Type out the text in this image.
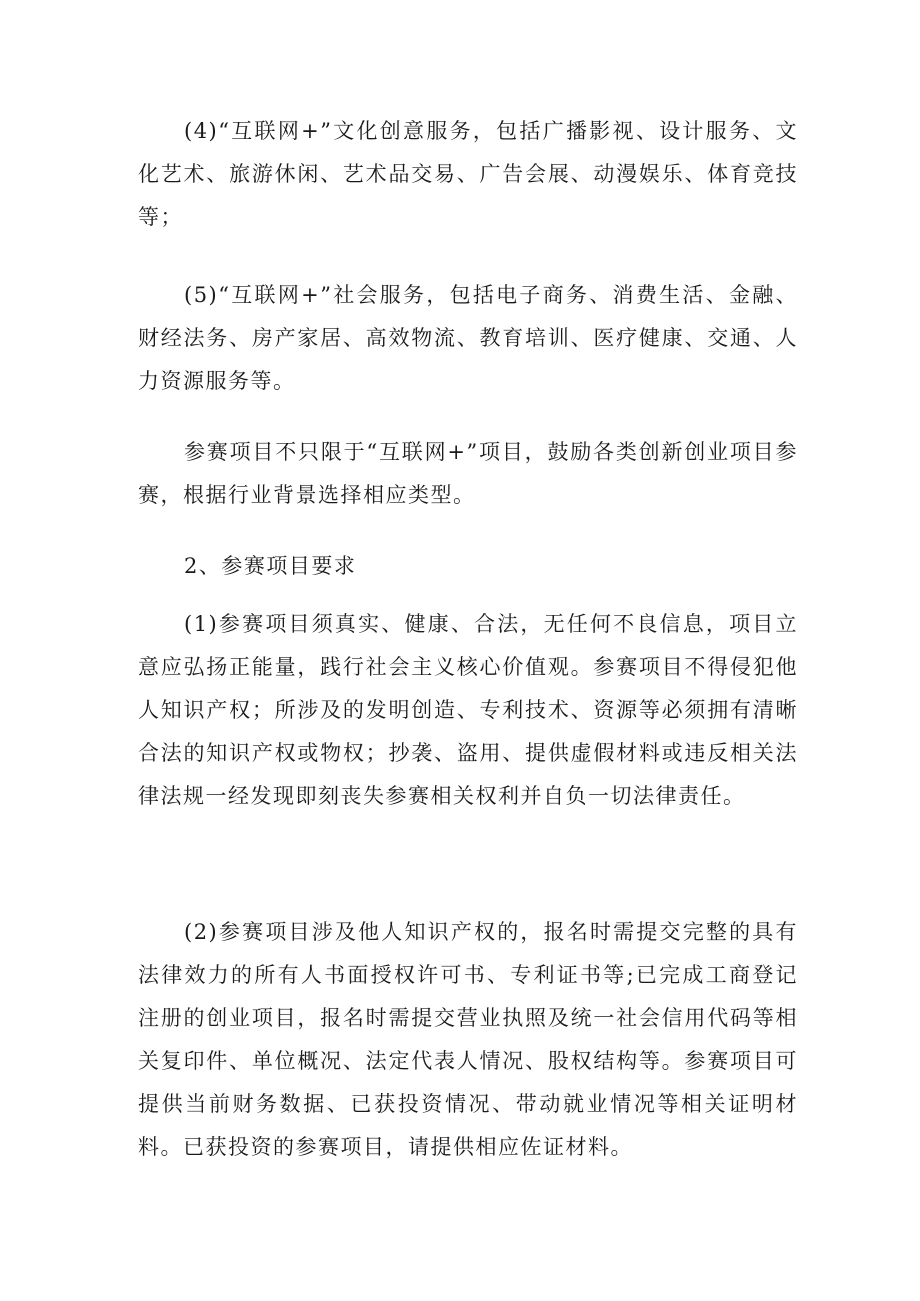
(4)“互联网+”文化创意服务，包括广播影视、设计服务、文化艺术、旅游休闲、艺术品交易、广告会展、动漫娱乐、体育竞技等；

(5)“互联网+”社会服务，包括电子商务、消费生活、金融、财经法务、房产家居、高效物流、教育培训、医疗健康、交通、人力资源服务等。

参赛项目不只限于“互联网+”项目，鼓励各类创新创业项目参赛，根据行业背景选择相应类型。

2、参赛项目要求

(1)参赛项目须真实、健康、合法，无任何不良信息，项目立意应弘扬正能量，践行社会主义核心价值观。参赛项目不得侵犯他人知识产权；所涉及的发明创造、专利技术、资源等必须拥有清晰合法的知识产权或物权；抄袭、盗用、提供虚假材料或违反相关法律法规一经发现即刻丧失参赛相关权利并自负一切法律责任。

(2)参赛项目涉及他人知识产权的，报名时需提交完整的具有法律效力的所有人书面授权许可书、专利证书等;已完成工商登记注册的创业项目，报名时需提交营业执照及统一社会信用代码等相关复印件、单位概况、法定代表人情况、股权结构等。参赛项目可提供当前财务数据、已获投资情况、带动就业情况等相关证明材料。已获投资的参赛项目，请提供相应佐证材料。
